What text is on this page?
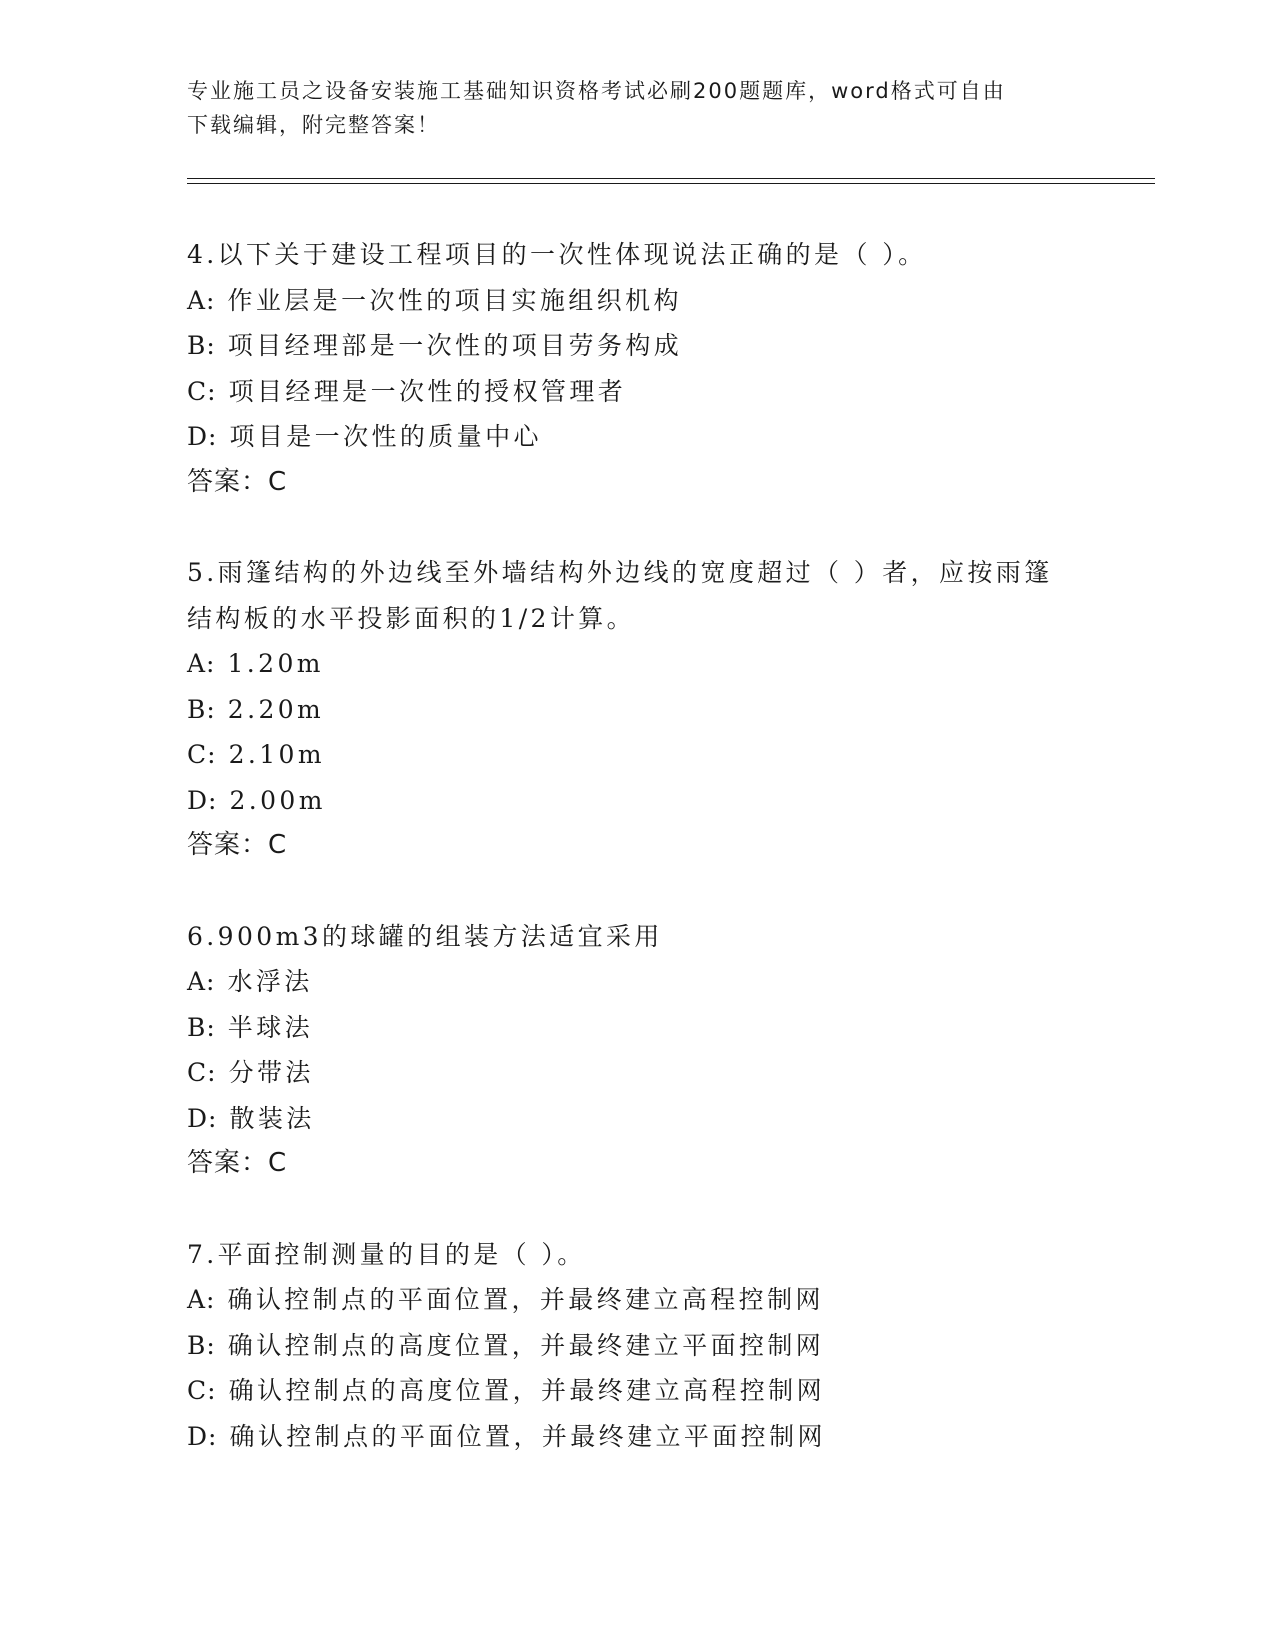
专业施工员之设备安装施工基础知识资格考试必刷200题题库，word格式可自由
下载编辑，附完整答案！
4.以下关于建设工程项目的一次性体现说法正确的是（ ）。
A: 作业层是一次性的项目实施组织机构
B: 项目经理部是一次性的项目劳务构成
C: 项目经理是一次性的授权管理者
D: 项目是一次性的质量中心
答案：C
5.雨篷结构的外边线至外墙结构外边线的宽度超过（ ）者，应按雨篷
结构板的水平投影面积的1/2计算。
A: 1.20m
B: 2.20m
C: 2.10m
D: 2.00m
答案：C
6.900m3的球罐的组装方法适宜采用
A: 水浮法
B: 半球法
C: 分带法
D: 散装法
答案：C
7.平面控制测量的目的是（ ）。
A: 确认控制点的平面位置，并最终建立高程控制网
B: 确认控制点的高度位置，并最终建立平面控制网
C: 确认控制点的高度位置，并最终建立高程控制网
D: 确认控制点的平面位置，并最终建立平面控制网
